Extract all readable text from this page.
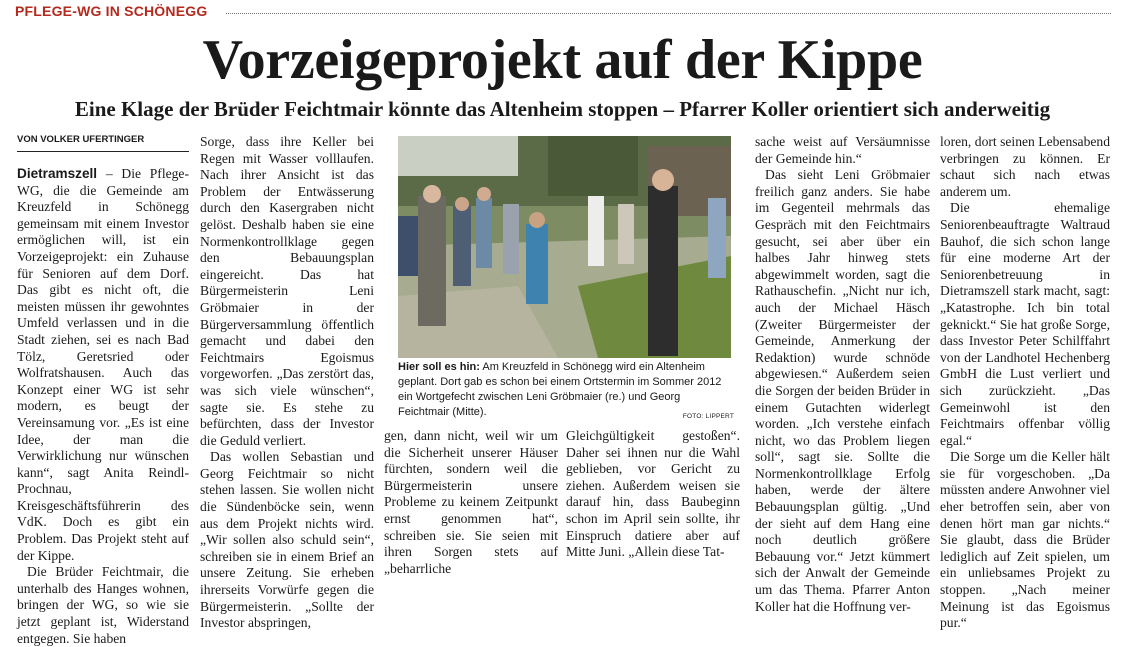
PFLEGE-WG IN SCHÖNEGG
Vorzeigeprojekt auf der Kippe
Eine Klage der Brüder Feichtmair könnte das Altenheim stoppen – Pfarrer Koller orientiert sich anderweitig
VON VOLKER UFERTINGER

Dietramszell – Die Pflege-WG, die die Gemeinde am Kreuzfeld in Schönegg gemeinsam mit einem Investor ermöglichen will, ist ein Vorzeigeprojekt: ein Zuhause für Senioren auf dem Dorf. Das gibt es nicht oft, die meisten müssen ihr gewohntes Umfeld verlassen und in die Stadt ziehen, sei es nach Bad Tölz, Geretsried oder Wolfratshausen. Auch das Konzept einer WG ist sehr modern, es beugt der Vereinsamung vor. „Es ist eine Idee, der man die Verwirklichung nur wünschen kann“, sagt Anita Reindl-Prochnau, Kreisgeschäftsführerin des VdK. Doch es gibt ein Problem. Das Projekt steht auf der Kippe.

Die Brüder Feichtmair, die unterhalb des Hanges wohnen, bringen der WG, so wie sie jetzt geplant ist, Widerstand entgegen. Sie haben

Sorge, dass ihre Keller bei Regen mit Wasser volllaufen. Nach ihrer Ansicht ist das Problem der Entwässerung durch den Kasergraben nicht gelöst. Deshalb haben sie eine Normenkontrollklage gegen den Bebauungsplan eingereicht. Das hat Bürgermeisterin Leni Gröbmaier in der Bürgerversammlung öffentlich gemacht und dabei den Feichtmairs Egoismus vorgeworfen. „Das zerstört das, was sich viele wünschen“, sagte sie. Es stehe zu befürchten, dass der Investor die Geduld verliert.

Das wollen Sebastian und Georg Feichtmair so nicht stehen lassen. Sie wollen nicht die Sündenböcke sein, wenn aus dem Projekt nichts wird. „Wir sollen also schuld sein“, schreiben sie in einem Brief an unsere Zeitung. Sie erheben ihrerseits Vorwürfe gegen die Bürgermeisterin. „Sollte der Investor abspringen,

Hier soll es hin: Am Kreuzfeld in Schönegg wird ein Altenheim geplant. Dort gab es schon bei einem Ortstermin im Sommer 2012 ein Wortgefecht zwischen Leni Gröbmaier (re.) und Georg Feichtmair (Mitte).	FOTO: LIPPERT

gen, dann nicht, weil wir um die Sicherheit unserer Häuser fürchten, sondern weil die Bürgermeisterin unsere Probleme zu keinem Zeitpunkt ernst genommen hat“, schreiben sie. Sie seien mit ihren Sorgen stets auf „beharrliche

Gleichgültigkeit gestoßen“. Daher sei ihnen nur die Wahl geblieben, vor Gericht zu ziehen. Außerdem weisen sie darauf hin, dass Baubeginn schon im April sein sollte, ihr Einspruch datiere aber auf Mitte Juni. „Allein diese Tat-

sache weist auf Versäumnisse der Gemeinde hin.“

Das sieht Leni Gröbmaier freilich ganz anders. Sie habe im Gegenteil mehrmals das Gespräch mit den Feichtmairs gesucht, sei aber über ein halbes Jahr hinweg stets abgewimmelt worden, sagt die Rathauschefin. „Nicht nur ich, auch der Michael Häsch (Zweiter Bürgermeister der Gemeinde, Anmerkung der Redaktion) wurde schnöde abgewiesen.“ Außerdem seien die Sorgen der beiden Brüder in einem Gutachten widerlegt worden. „Ich verstehe einfach nicht, wo das Problem liegen soll“, sagt sie. Sollte die Normenkontrollklage Erfolg haben, werde der ältere Bebauungsplan gültig. „Und der sieht auf dem Hang eine noch deutlich größere Bebauung vor.“ Jetzt kümmert sich der Anwalt der Gemeinde um das Thema. Pfarrer Anton Koller hat die Hoffnung ver-

loren, dort seinen Lebensabend verbringen zu können. Er schaut sich nach etwas anderem um.

Die ehemalige Seniorenbeauftragte Waltraud Bauhof, die sich schon lange für eine moderne Art der Seniorenbetreuung in Dietramszell stark macht, sagt: „Katastrophe. Ich bin total geknickt.“ Sie hat große Sorge, dass Investor Peter Schilffahrt von der Landhotel Hechenberg GmbH die Lust verliert und sich zurückzieht. „Das Gemeinwohl ist den Feichtmairs offenbar völlig egal.“

Die Sorge um die Keller hält sie für vorgeschoben. „Da müssten andere Anwohner viel eher betroffen sein, aber von denen hört man gar nichts.“ Sie glaubt, dass die Brüder lediglich auf Zeit spielen, um ein unliebsames Projekt zu stoppen. „Nach meiner Meinung ist das Egoismus pur.“
